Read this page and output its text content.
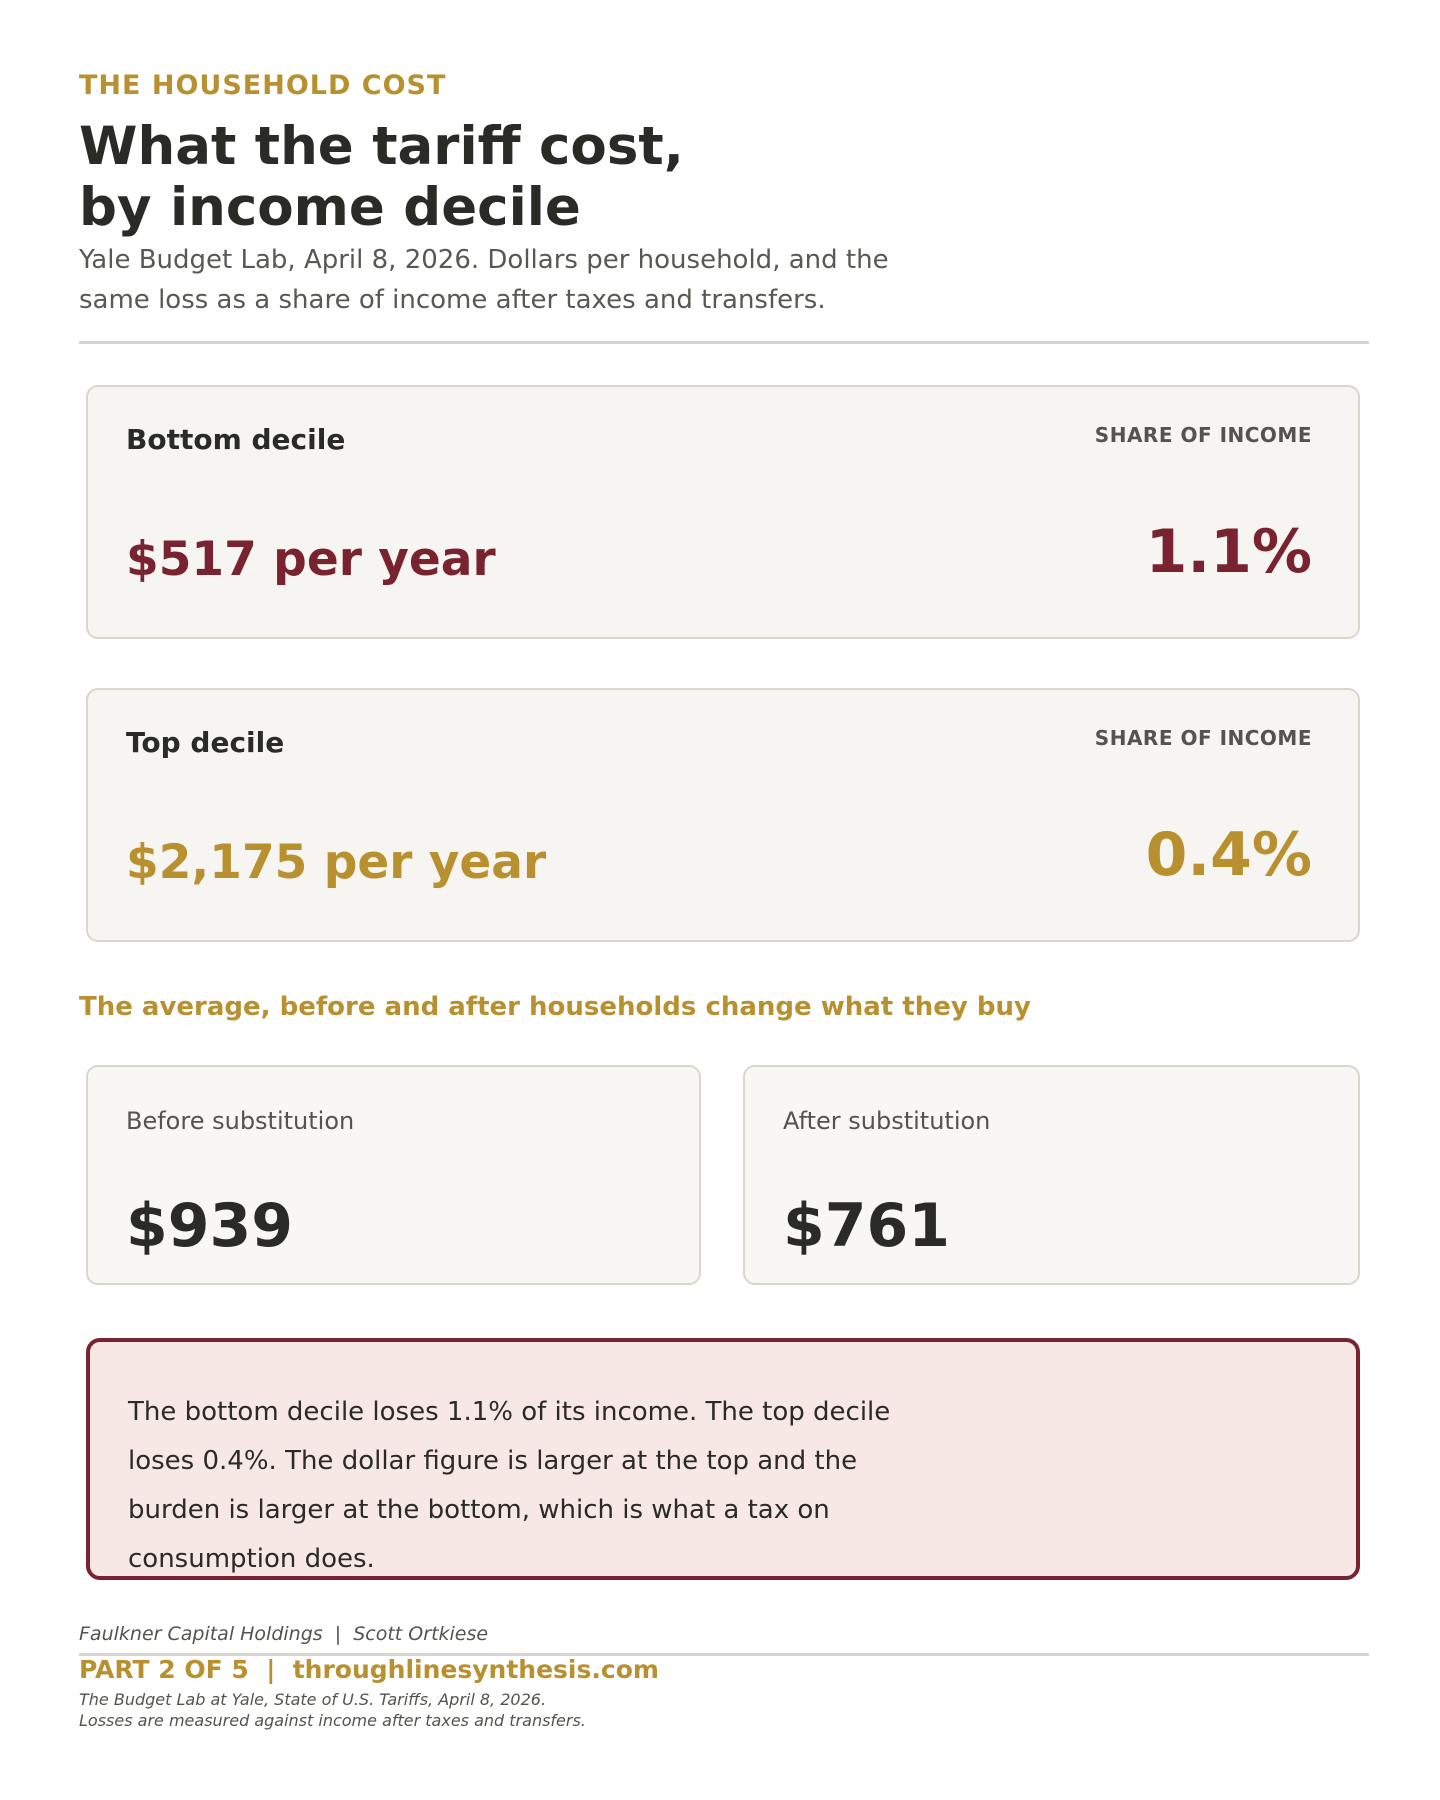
THE HOUSEHOLD COST
What the tariff cost,
by income decile
Yale Budget Lab, April 8, 2026. Dollars per household, and the
same loss as a share of income after taxes and transfers.
Bottom decile	SHARE OF INCOME
$517 per year	1.1%
Top decile	SHARE OF INCOME
$2,175 per year	0.4%
The average, before and after households change what they buy
Before substitution
$939
After substitution
$761
The bottom decile loses 1.1% of its income. The top decile
loses 0.4%. The dollar figure is larger at the top and the
burden is larger at the bottom, which is what a tax on
consumption does.
Faulkner Capital Holdings  |  Scott Ortkiese
PART 2 OF 5  |  throughlinesynthesis.com
The Budget Lab at Yale, State of U.S. Tariffs, April 8, 2026.
Losses are measured against income after taxes and transfers.
